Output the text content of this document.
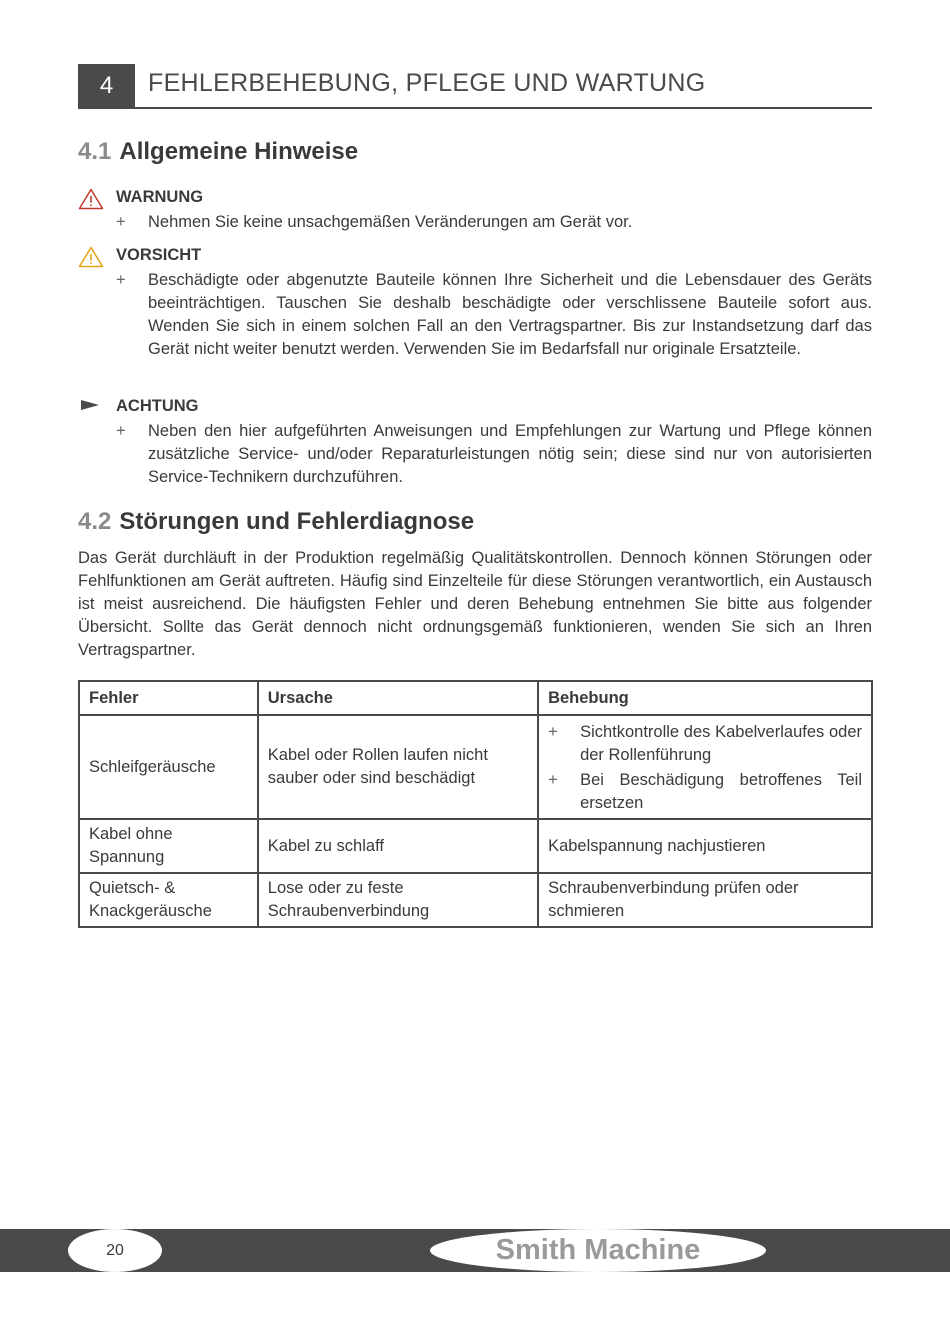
4	FEHLERBEHEBUNG, PFLEGE UND WARTUNG
4.1 Allgemeine Hinweise
WARNUNG
+ Nehmen Sie keine unsachgemäßen Veränderungen am Gerät vor.
VORSICHT
+ Beschädigte oder abgenutzte Bauteile können Ihre Sicherheit und die Lebensdauer des Geräts beeinträchtigen. Tauschen Sie deshalb beschädigte oder verschlissene Bauteile sofort aus. Wenden Sie sich in einem solchen Fall an den Vertragspartner. Bis zur Instandsetzung darf das Gerät nicht weiter benutzt werden. Verwenden Sie im Bedarfsfall nur originale Ersatzteile.
ACHTUNG
+ Neben den hier aufgeführten Anweisungen und Empfehlungen zur Wartung und Pflege können zusätzliche Service- und/oder Reparaturleistungen nötig sein; diese sind nur von autorisierten Service-Technikern durchzuführen.
4.2 Störungen und Fehlerdiagnose
Das Gerät durchläuft in der Produktion regelmäßig Qualitätskontrollen. Dennoch können Störungen oder Fehlfunktionen am Gerät auftreten. Häufig sind Einzelteile für diese Störungen verantwortlich, ein Austausch ist meist ausreichend. Die häufigsten Fehler und deren Behebung entnehmen Sie bitte aus folgender Übersicht. Sollte das Gerät dennoch nicht ordnungsgemäß funktionieren, wenden Sie sich an Ihren Vertragspartner.
Fehler	Ursache	Behebung
Schleifgeräusche	Kabel oder Rollen laufen nicht sauber oder sind beschädigt	+ Sichtkontrolle des Kabelverlaufes oder der Rollenführung
+ Bei Beschädigung betroffenes Teil ersetzen

Kabel ohne Spannung	Kabel zu schlaff	Kabelspannung nachjustieren
Quietsch- & Knackgeräusche	Lose oder zu feste Schraubenverbindung	Schraubenverbindung prüfen oder schmieren
20	Smith Machine
